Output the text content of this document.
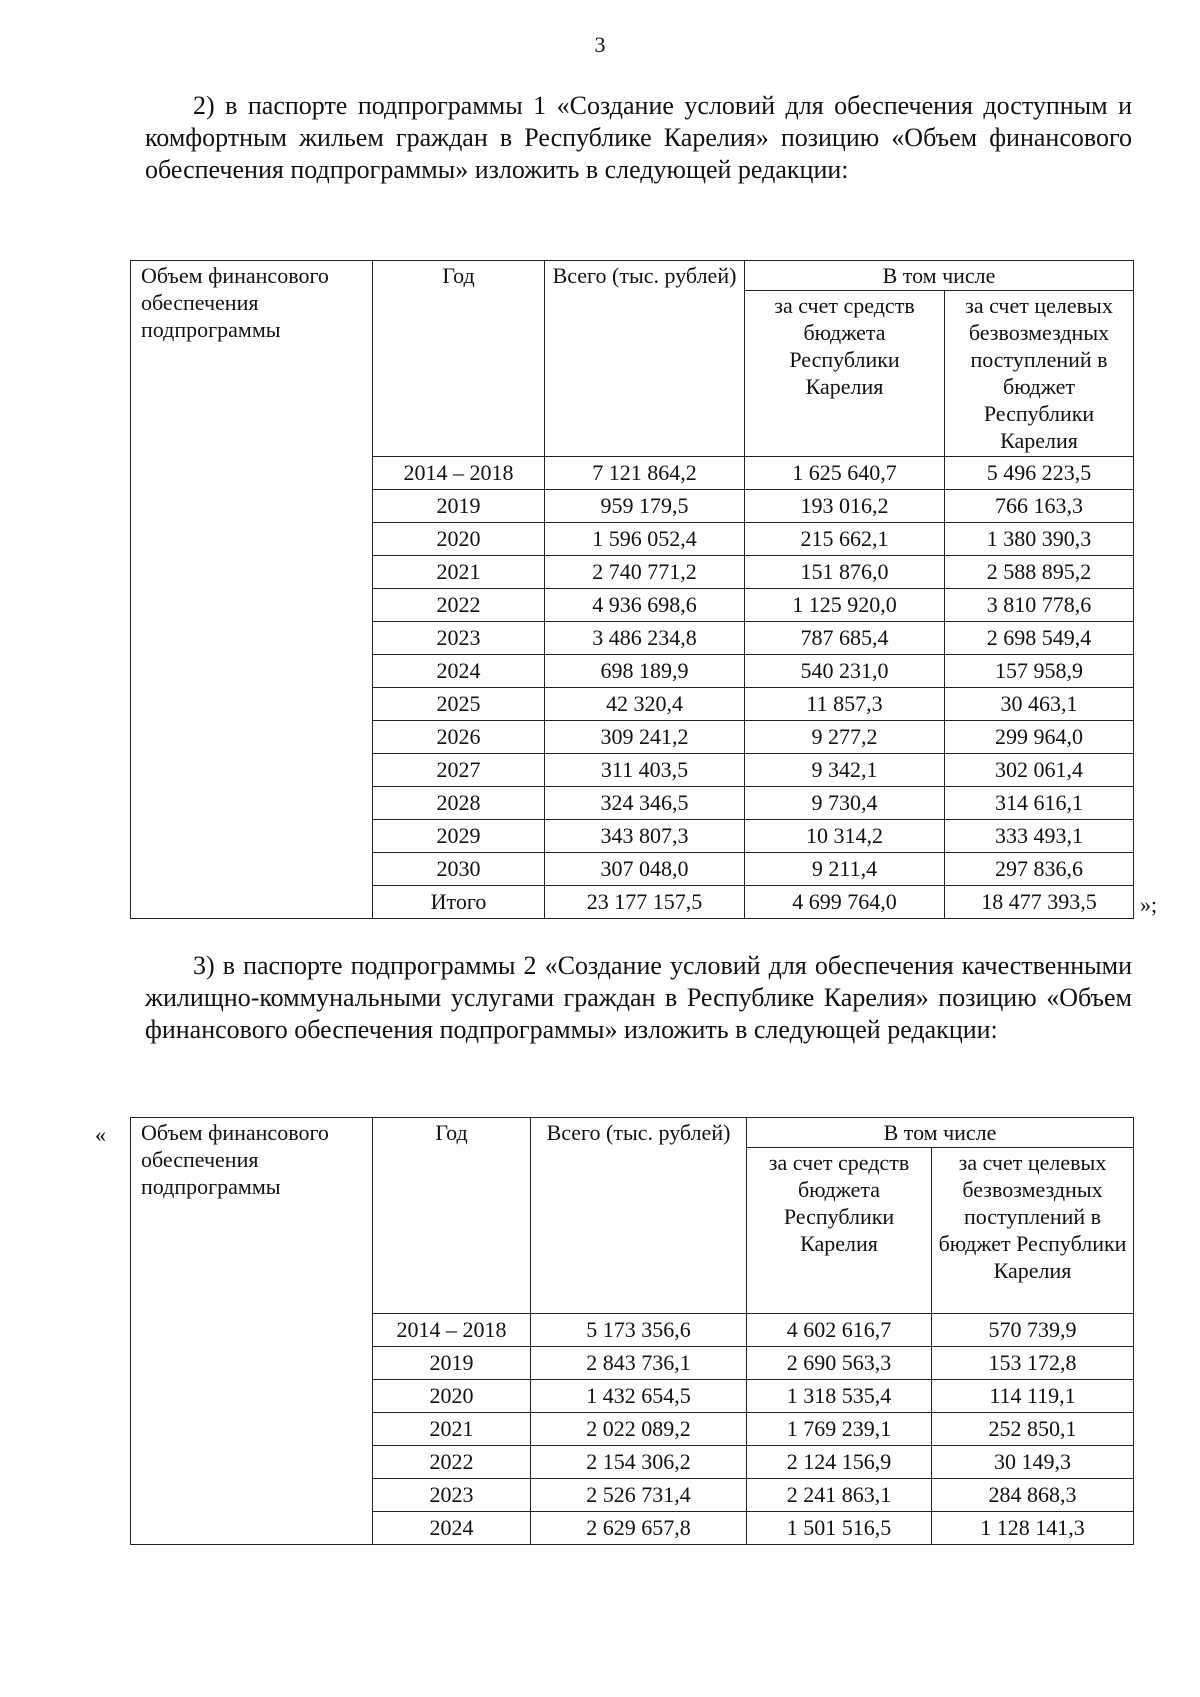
3

2) в паспорте подпрограммы 1 «Создание условий для обеспечения доступным и комфортным жильем граждан в Республике Карелия» позицию «Объем финансового обеспечения подпрограммы» изложить в следующей редакции:

Объем финансового обеспечения подпрограммы	Год	Всего (тыс. рублей)	В том числе	
			за счет средств бюджета Республики Карелия	за счет целевых безвозмездных поступлений в бюджет Республики Карелия
	2014 – 2018	7 121 864,2	1 625 640,7	5 496 223,5
	2019	959 179,5	193 016,2	766 163,3
	2020	1 596 052,4	215 662,1	1 380 390,3
	2021	2 740 771,2	151 876,0	2 588 895,2
	2022	4 936 698,6	1 125 920,0	3 810 778,6
	2023	3 486 234,8	787 685,4	2 698 549,4
	2024	698 189,9	540 231,0	157 958,9
	2025	42 320,4	11 857,3	30 463,1
	2026	309 241,2	9 277,2	299 964,0
	2027	311 403,5	9 342,1	302 061,4
	2028	324 346,5	9 730,4	314 616,1
	2029	343 807,3	10 314,2	333 493,1
	2030	307 048,0	9 211,4	297 836,6
	Итого	23 177 157,5	4 699 764,0	18 477 393,5 »;

3) в паспорте подпрограммы 2 «Создание условий для обеспечения качественными жилищно-коммунальными услугами граждан в Республике Карелия» позицию «Объем финансового обеспечения подпрограммы» изложить в следующей редакции:

« Объем финансового обеспечения подпрограммы	Год	Всего (тыс. рублей)	В том числе	
			за счет средств бюджета Республики Карелия	за счет целевых безвозмездных поступлений в бюджет Республики Карелия
	2014 – 2018	5 173 356,6	4 602 616,7	570 739,9
	2019	2 843 736,1	2 690 563,3	153 172,8
	2020	1 432 654,5	1 318 535,4	114 119,1
	2021	2 022 089,2	1 769 239,1	252 850,1
	2022	2 154 306,2	2 124 156,9	30 149,3
	2023	2 526 731,4	2 241 863,1	284 868,3
	2024	2 629 657,8	1 501 516,5	1 128 141,3
